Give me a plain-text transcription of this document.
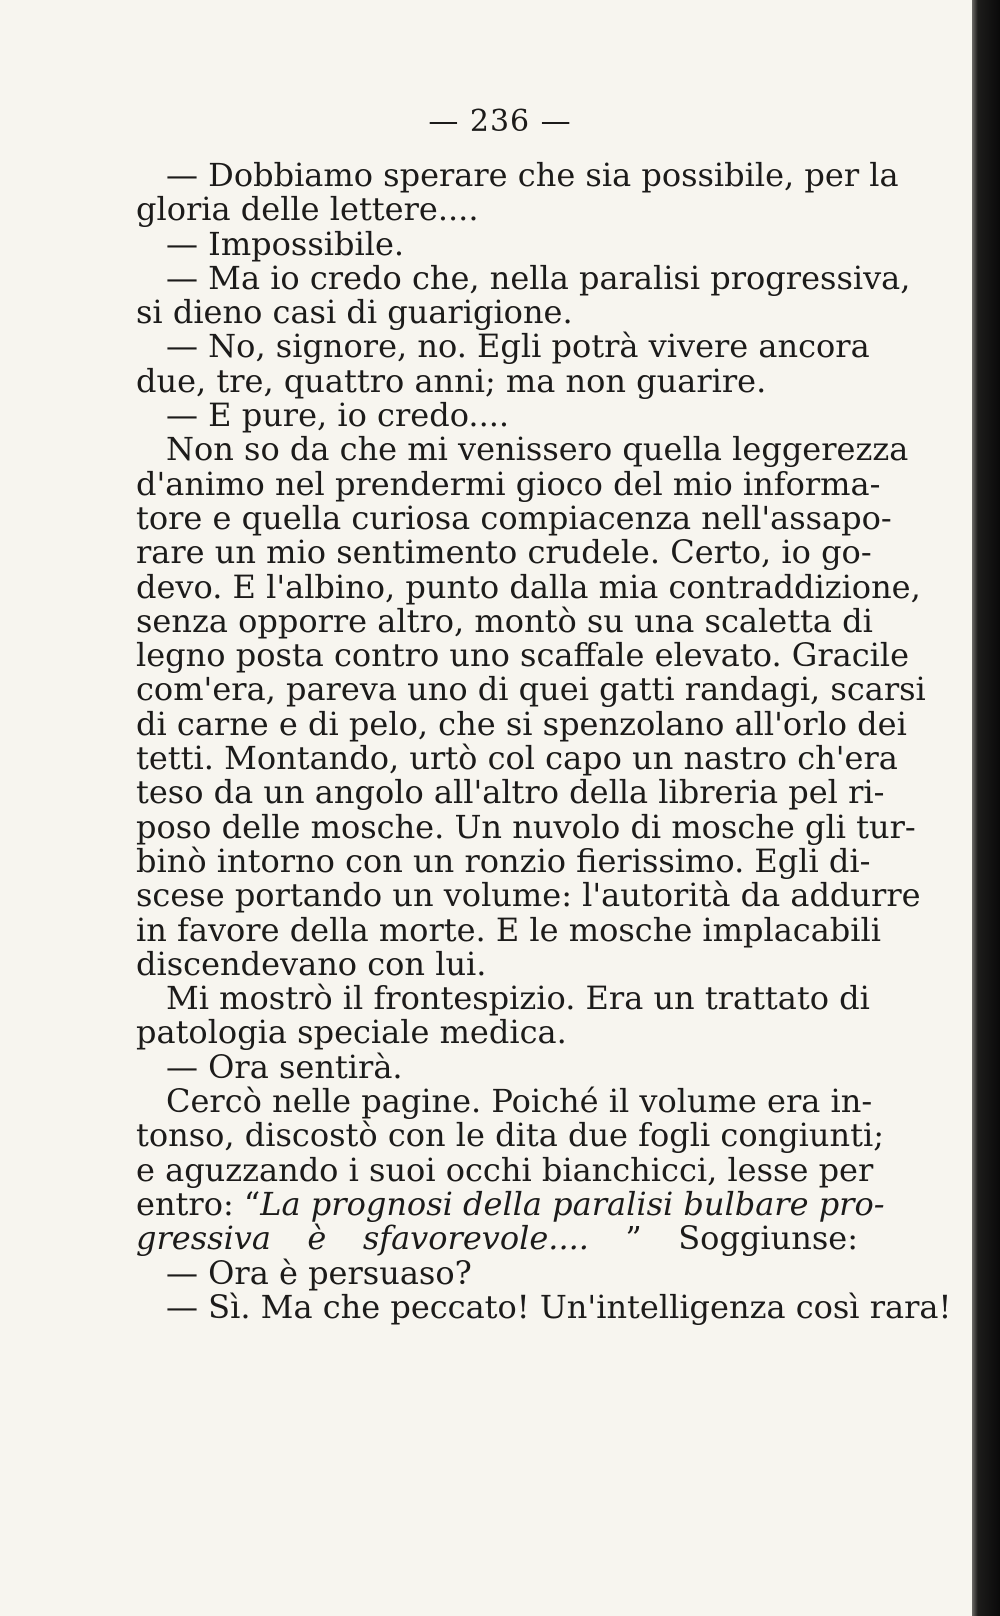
— 236 —
— Dobbiamo sperare che sia possibile, per la
gloria delle lettere....
— Impossibile.
— Ma io credo che, nella paralisi progressiva,
si dieno casi di guarigione.
— No, signore, no. Egli potrà vivere ancora
due, tre, quattro anni; ma non guarire.
— E pure, io credo....
Non so da che mi venissero quella leggerezza
d'animo nel prendermi gioco del mio informa-
tore e quella curiosa compiacenza nell'assapo-
rare un mio sentimento crudele. Certo, io go-
devo. E l'albino, punto dalla mia contraddizione,
senza opporre altro, montò su una scaletta di
legno posta contro uno scaffale elevato. Gracile
com'era, pareva uno di quei gatti randagi, scarsi
di carne e di pelo, che si spenzolano all'orlo dei
tetti. Montando, urtò col capo un nastro ch'era
teso da un angolo all'altro della libreria pel ri-
poso delle mosche. Un nuvolo di mosche gli tur-
binò intorno con un ronzio fierissimo. Egli di-
scese portando un volume: l'autorità da addurre
in favore della morte. E le mosche implacabili
discendevano con lui.
Mi mostrò il frontespizio. Era un trattato di
patologia speciale medica.
— Ora sentirà.
Cercò nelle pagine. Poiché il volume era in-
tonso, discostò con le dita due fogli congiunti;
e aguzzando i suoi occhi bianchicci, lesse per
entro: “La prognosi della paralisi bulbare pro-
gressiva è sfavorevole.... ” Soggiunse:
— Ora è persuaso?
— Sì. Ma che peccato! Un'intelligenza così rara!
